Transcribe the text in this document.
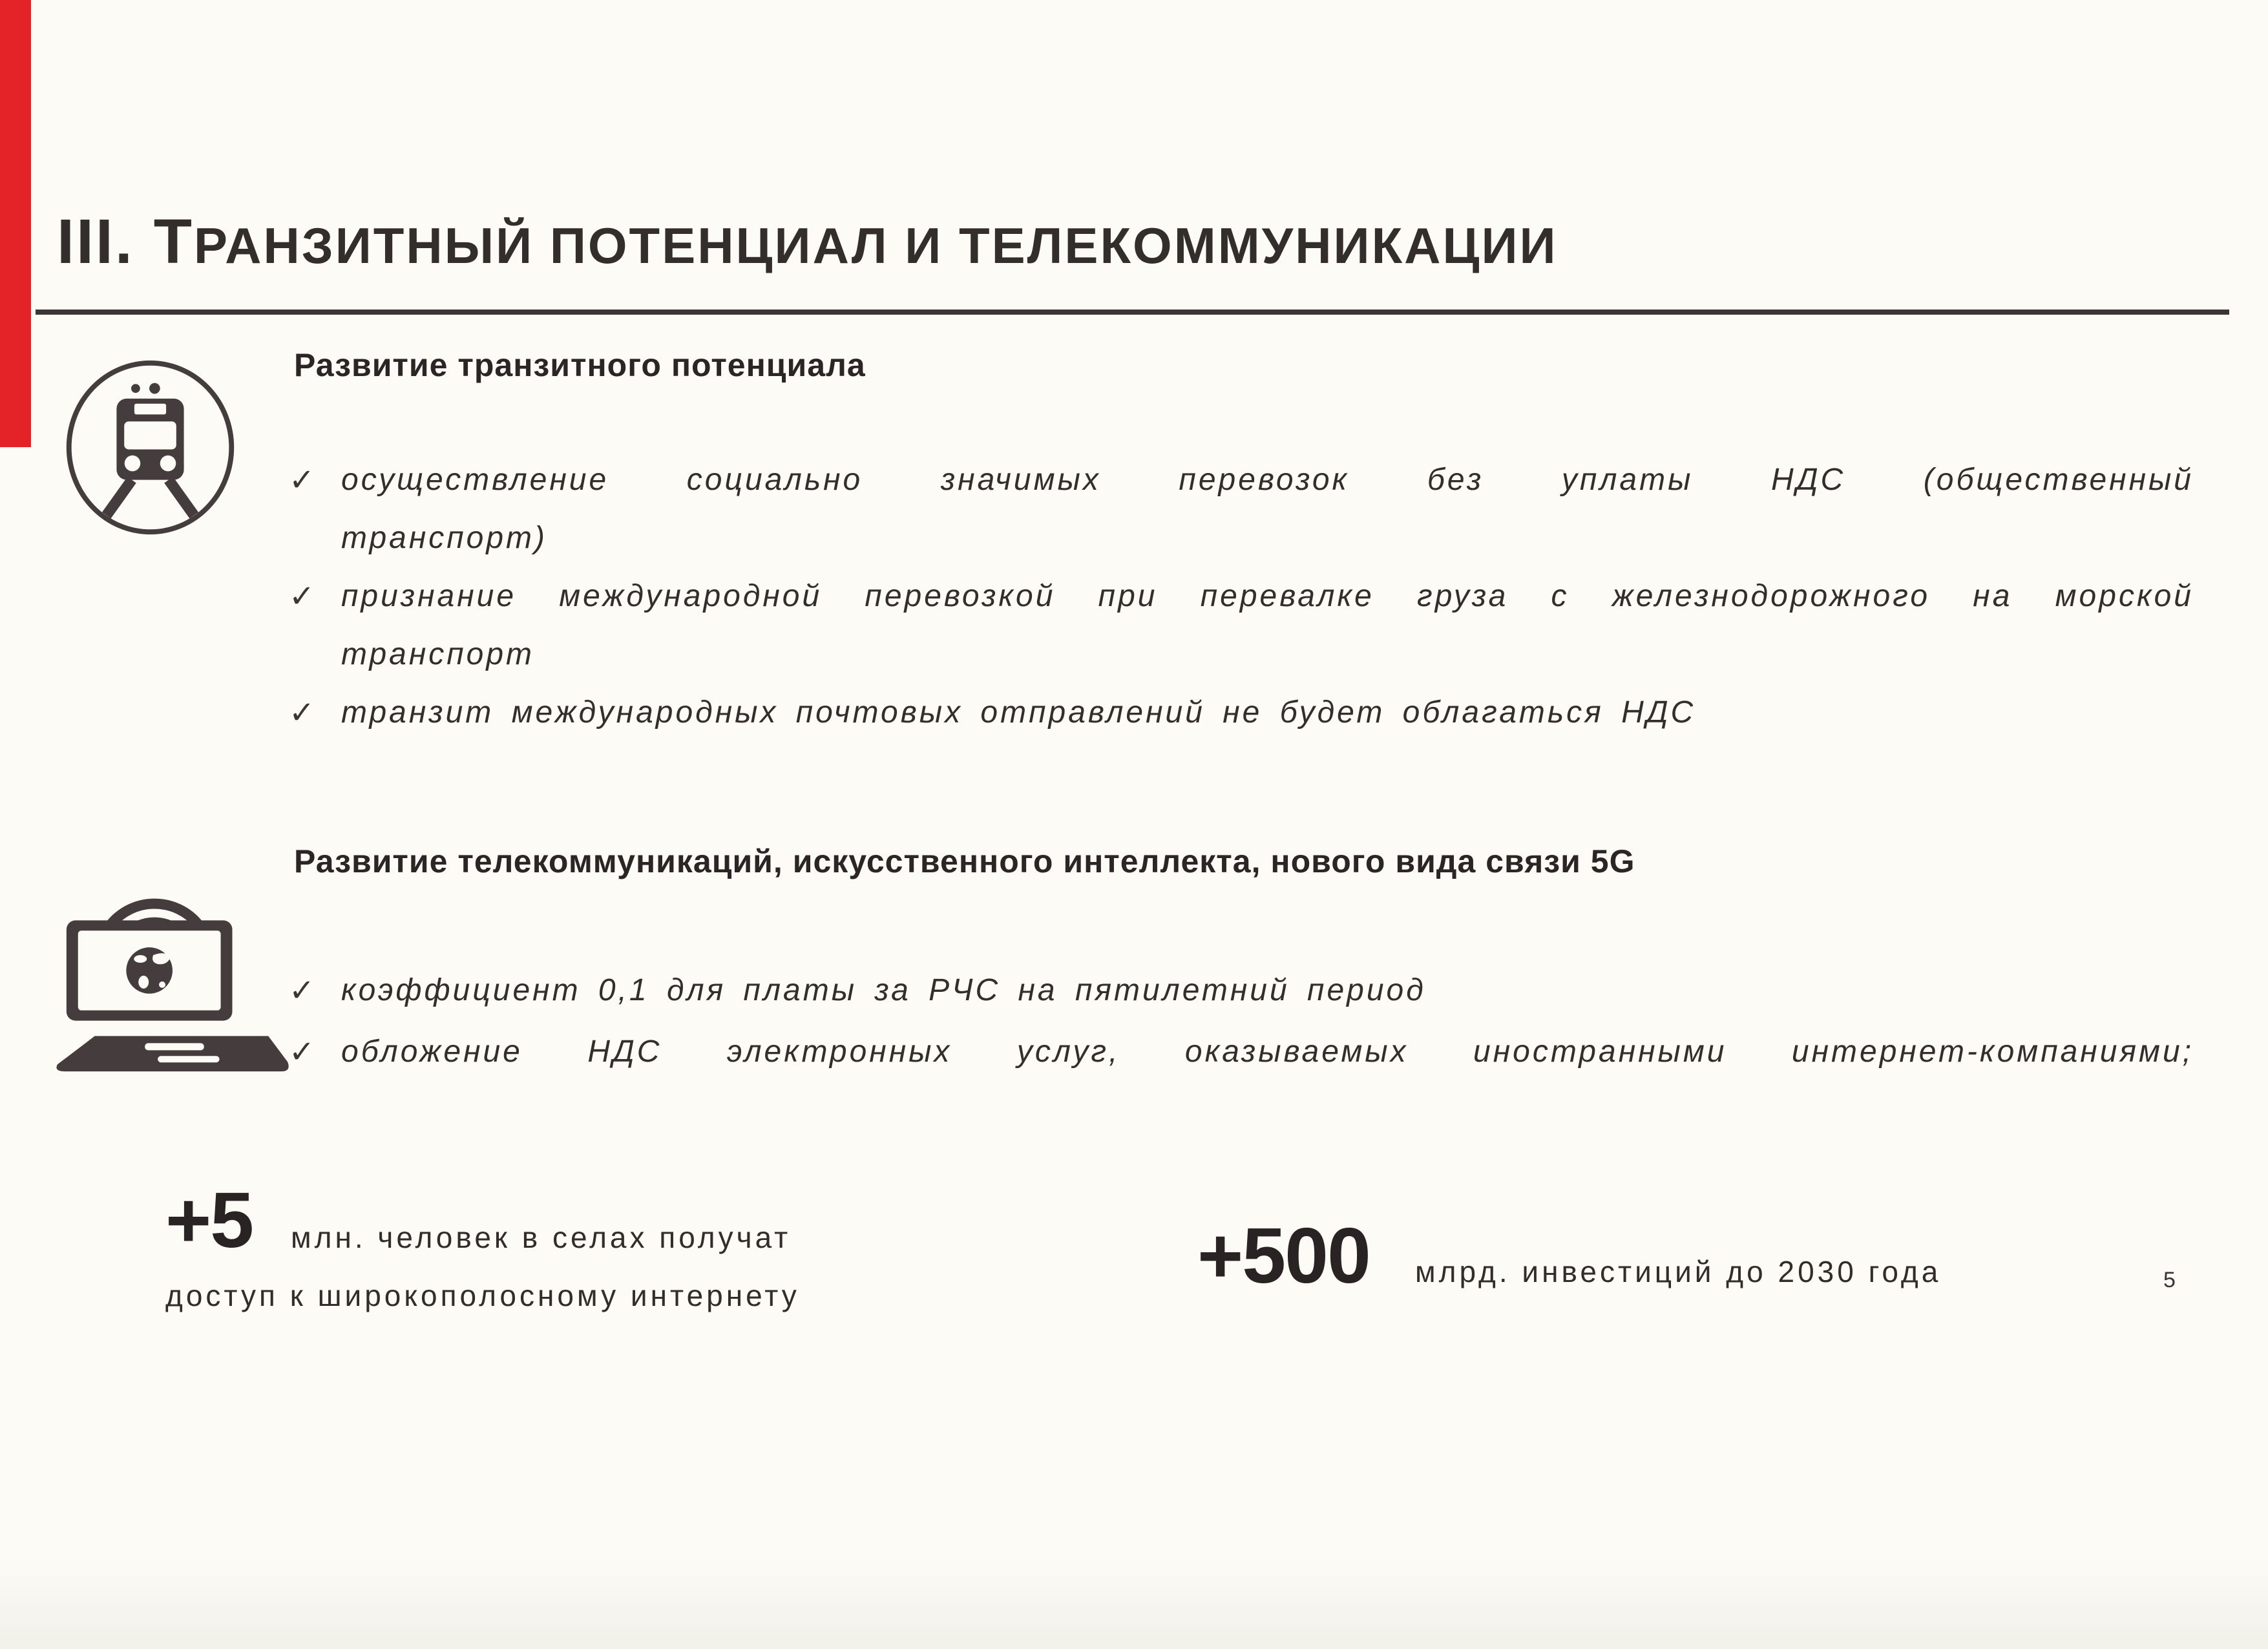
III. ТРАНЗИТНЫЙ ПОТЕНЦИАЛ И ТЕЛЕКОММУНИКАЦИИ
Развитие транзитного потенциала
✓ осуществление социально значимых перевозок без уплаты НДС (общественный
транспорт)
✓ признание международной перевозкой при перевалке груза с железнодорожного на морской
транспорт
✓ транзит международных почтовых отправлений не будет облагаться НДС
Развитие телекоммуникаций, искусственного интеллекта, нового вида связи 5G
✓ коэффициент 0,1 для платы за РЧС на пятилетний период
✓ обложение НДС электронных услуг, оказываемых иностранными интернет-компаниями;
+5 млн. человек в селах получат
доступ к широкополосному интернету	+500 млрд. инвестиций до 2030 года	5
